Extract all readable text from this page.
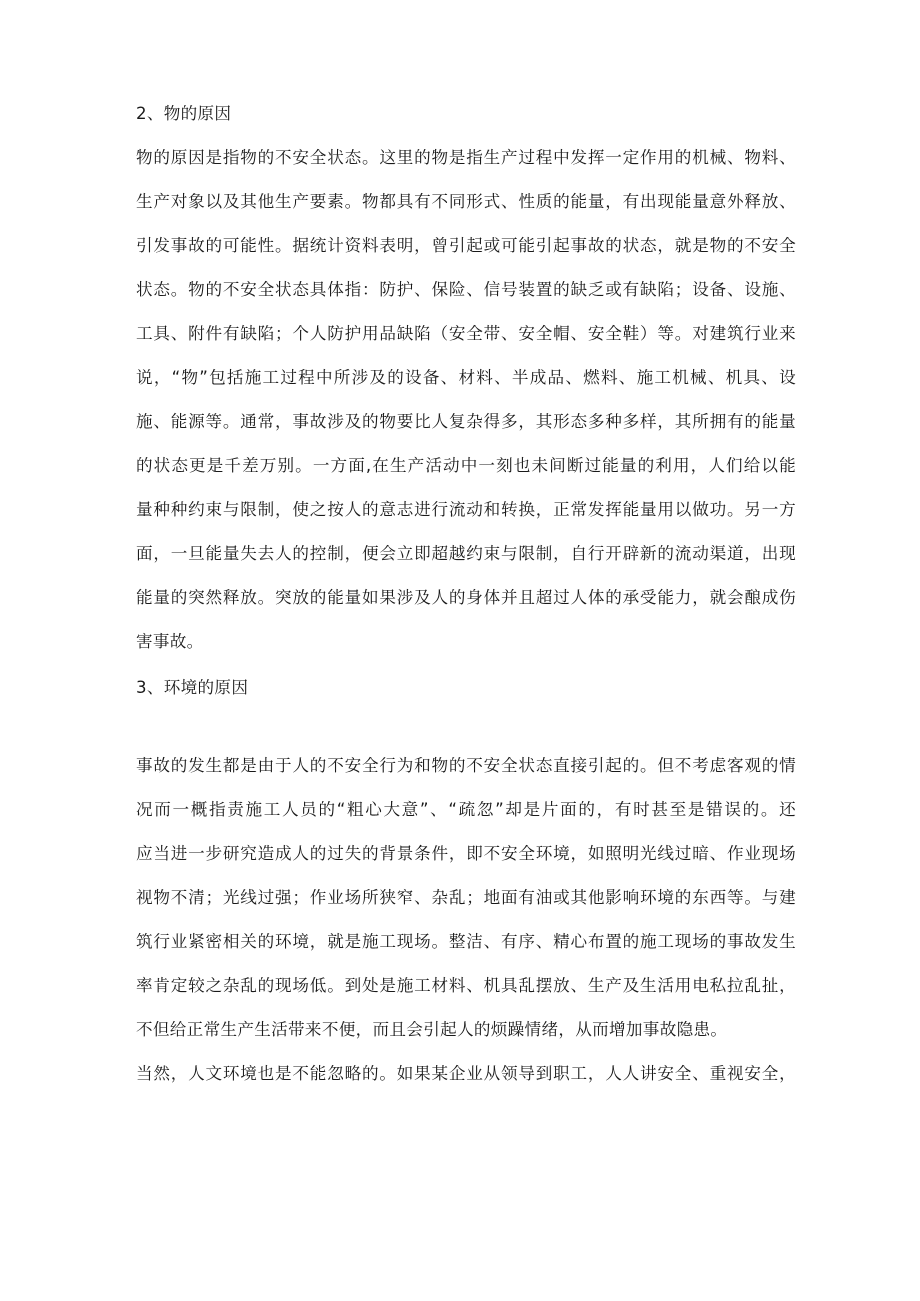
2、物的原因
物的原因是指物的不安全状态。这里的物是指生产过程中发挥一定作用的机械、物料、
生产对象以及其他生产要素。物都具有不同形式、性质的能量，有出现能量意外释放、
引发事故的可能性。据统计资料表明，曾引起或可能引起事故的状态，就是物的不安全
状态。物的不安全状态具体指：防护、保险、信号装置的缺乏或有缺陷；设备、设施、
工具、附件有缺陷；个人防护用品缺陷（安全带、安全帽、安全鞋）等。对建筑行业来
说，“物”包括施工过程中所涉及的设备、材料、半成品、燃料、施工机械、机具、设
施、能源等。通常，事故涉及的物要比人复杂得多，其形态多种多样，其所拥有的能量
的状态更是千差万别。一方面,在生产活动中一刻也未间断过能量的利用，人们给以能
量种种约束与限制，使之按人的意志进行流动和转换，正常发挥能量用以做功。另一方
面，一旦能量失去人的控制，便会立即超越约束与限制，自行开辟新的流动渠道，出现
能量的突然释放。突放的能量如果涉及人的身体并且超过人体的承受能力，就会酿成伤
害事故。
3、环境的原因
事故的发生都是由于人的不安全行为和物的不安全状态直接引起的。但不考虑客观的情
况而一概指责施工人员的“粗心大意”、“疏忽”却是片面的，有时甚至是错误的。还
应当进一步研究造成人的过失的背景条件，即不安全环境，如照明光线过暗、作业现场
视物不清；光线过强；作业场所狭窄、杂乱；地面有油或其他影响环境的东西等。与建
筑行业紧密相关的环境，就是施工现场。整洁、有序、精心布置的施工现场的事故发生
率肯定较之杂乱的现场低。到处是施工材料、机具乱摆放、生产及生活用电私拉乱扯，
不但给正常生产生活带来不便，而且会引起人的烦躁情绪，从而增加事故隐患。
当然，人文环境也是不能忽略的。如果某企业从领导到职工，人人讲安全、重视安全，
